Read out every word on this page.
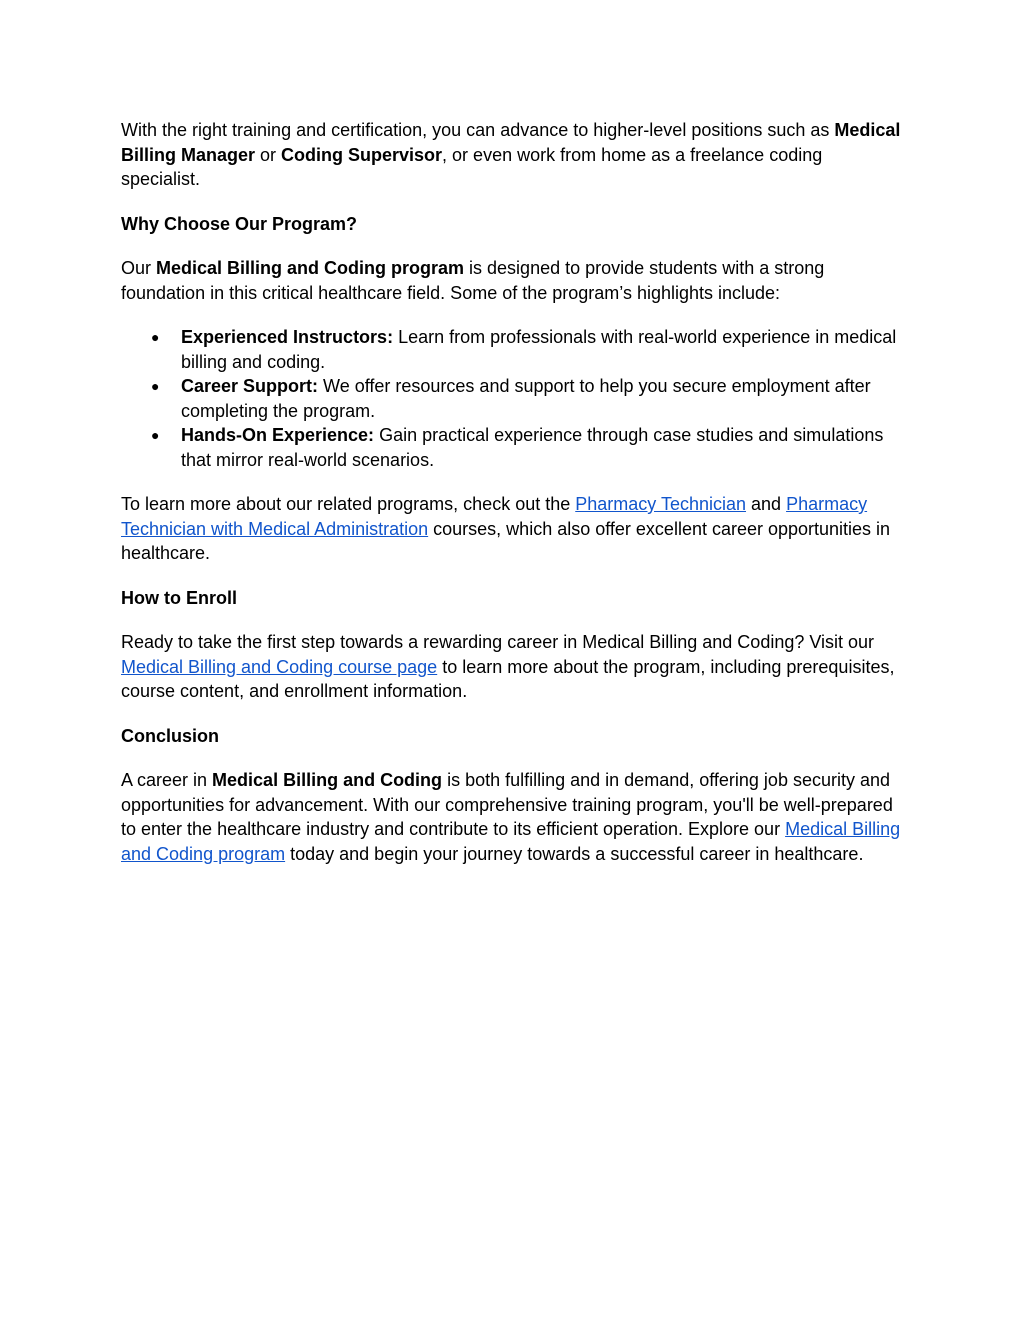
With the right training and certification, you can advance to higher-level positions such as Medical Billing Manager or Coding Supervisor, or even work from home as a freelance coding specialist.

Why Choose Our Program?

Our Medical Billing and Coding program is designed to provide students with a strong foundation in this critical healthcare field. Some of the program’s highlights include:

● Experienced Instructors: Learn from professionals with real-world experience in medical billing and coding.
● Career Support: We offer resources and support to help you secure employment after completing the program.
● Hands-On Experience: Gain practical experience through case studies and simulations that mirror real-world scenarios.

To learn more about our related programs, check out the Pharmacy Technician and Pharmacy Technician with Medical Administration courses, which also offer excellent career opportunities in healthcare.

How to Enroll

Ready to take the first step towards a rewarding career in Medical Billing and Coding? Visit our Medical Billing and Coding course page to learn more about the program, including prerequisites, course content, and enrollment information.

Conclusion

A career in Medical Billing and Coding is both fulfilling and in demand, offering job security and opportunities for advancement. With our comprehensive training program, you'll be well-prepared to enter the healthcare industry and contribute to its efficient operation. Explore our Medical Billing and Coding program today and begin your journey towards a successful career in healthcare.
